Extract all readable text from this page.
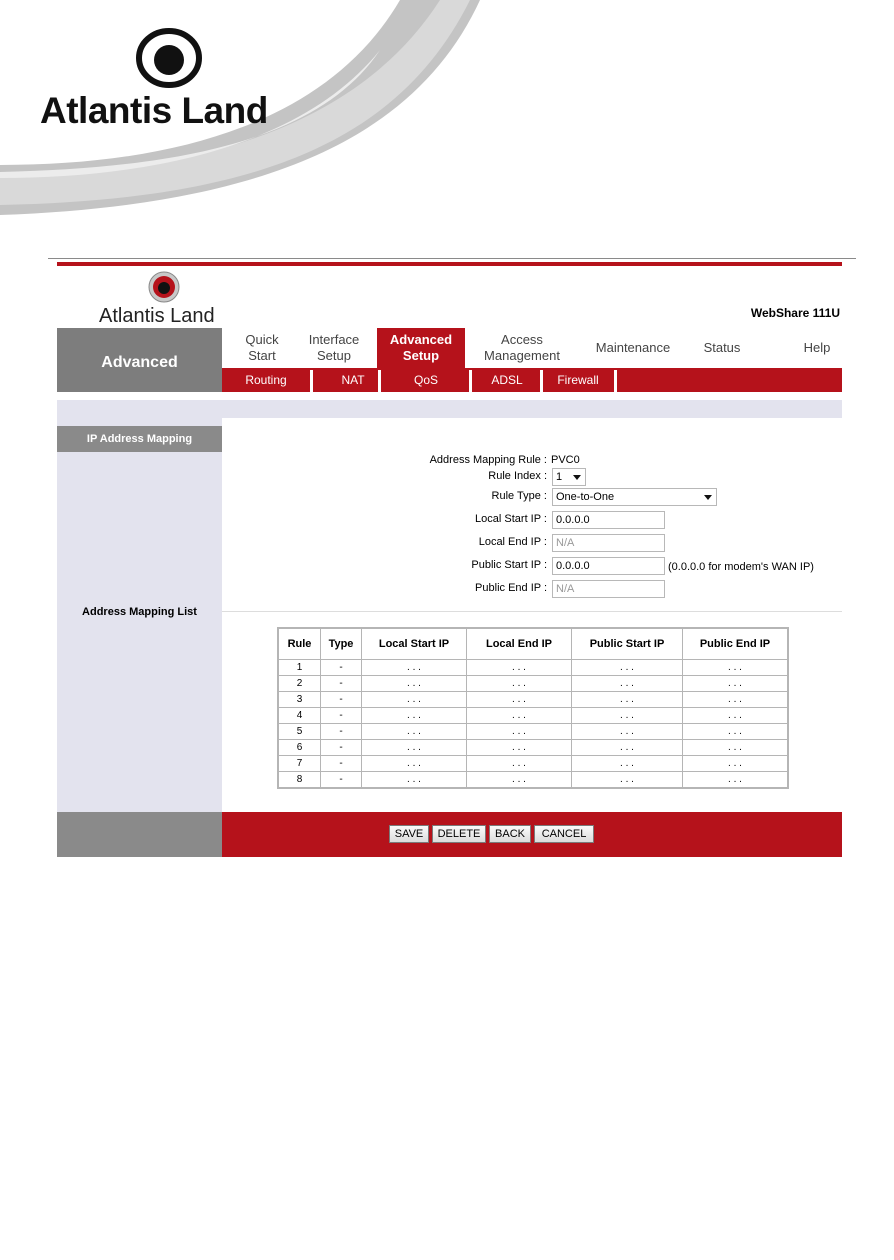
Atlantis Land
Atlantis Land	WebShare 111U
Advanced
Quick
Start
Interface
Setup
Advanced
Setup
Access
Management
Maintenance	Status	Help
Routing	NAT	QoS	ADSL	Firewall
IP Address Mapping
Address Mapping List
Address Mapping Rule : PVC0
Rule Index : 1
Rule Type : One-to-One
Local Start IP :
0.0.0.0
Local End IP :
N/A
Public Start IP :
0.0.0.0	(0.0.0.0 for modem's WAN IP)
Public End IP :
N/A
Rule	Type	Local Start IP	Local End IP	Public Start IP	Public End IP
1	-	. . .	. . .	. . .	. . .
2	-	. . .	. . .	. . .	. . .
3	-	. . .	. . .	. . .	. . .
4	-	. . .	. . .	. . .	. . .
5	-	. . .	. . .	. . .	. . .
6	-	. . .	. . .	. . .	. . .
7	-	. . .	. . .	. . .	. . .
8	-	. . .	. . .	. . .	. . .
SAVE	DELETE	BACK	CANCEL
